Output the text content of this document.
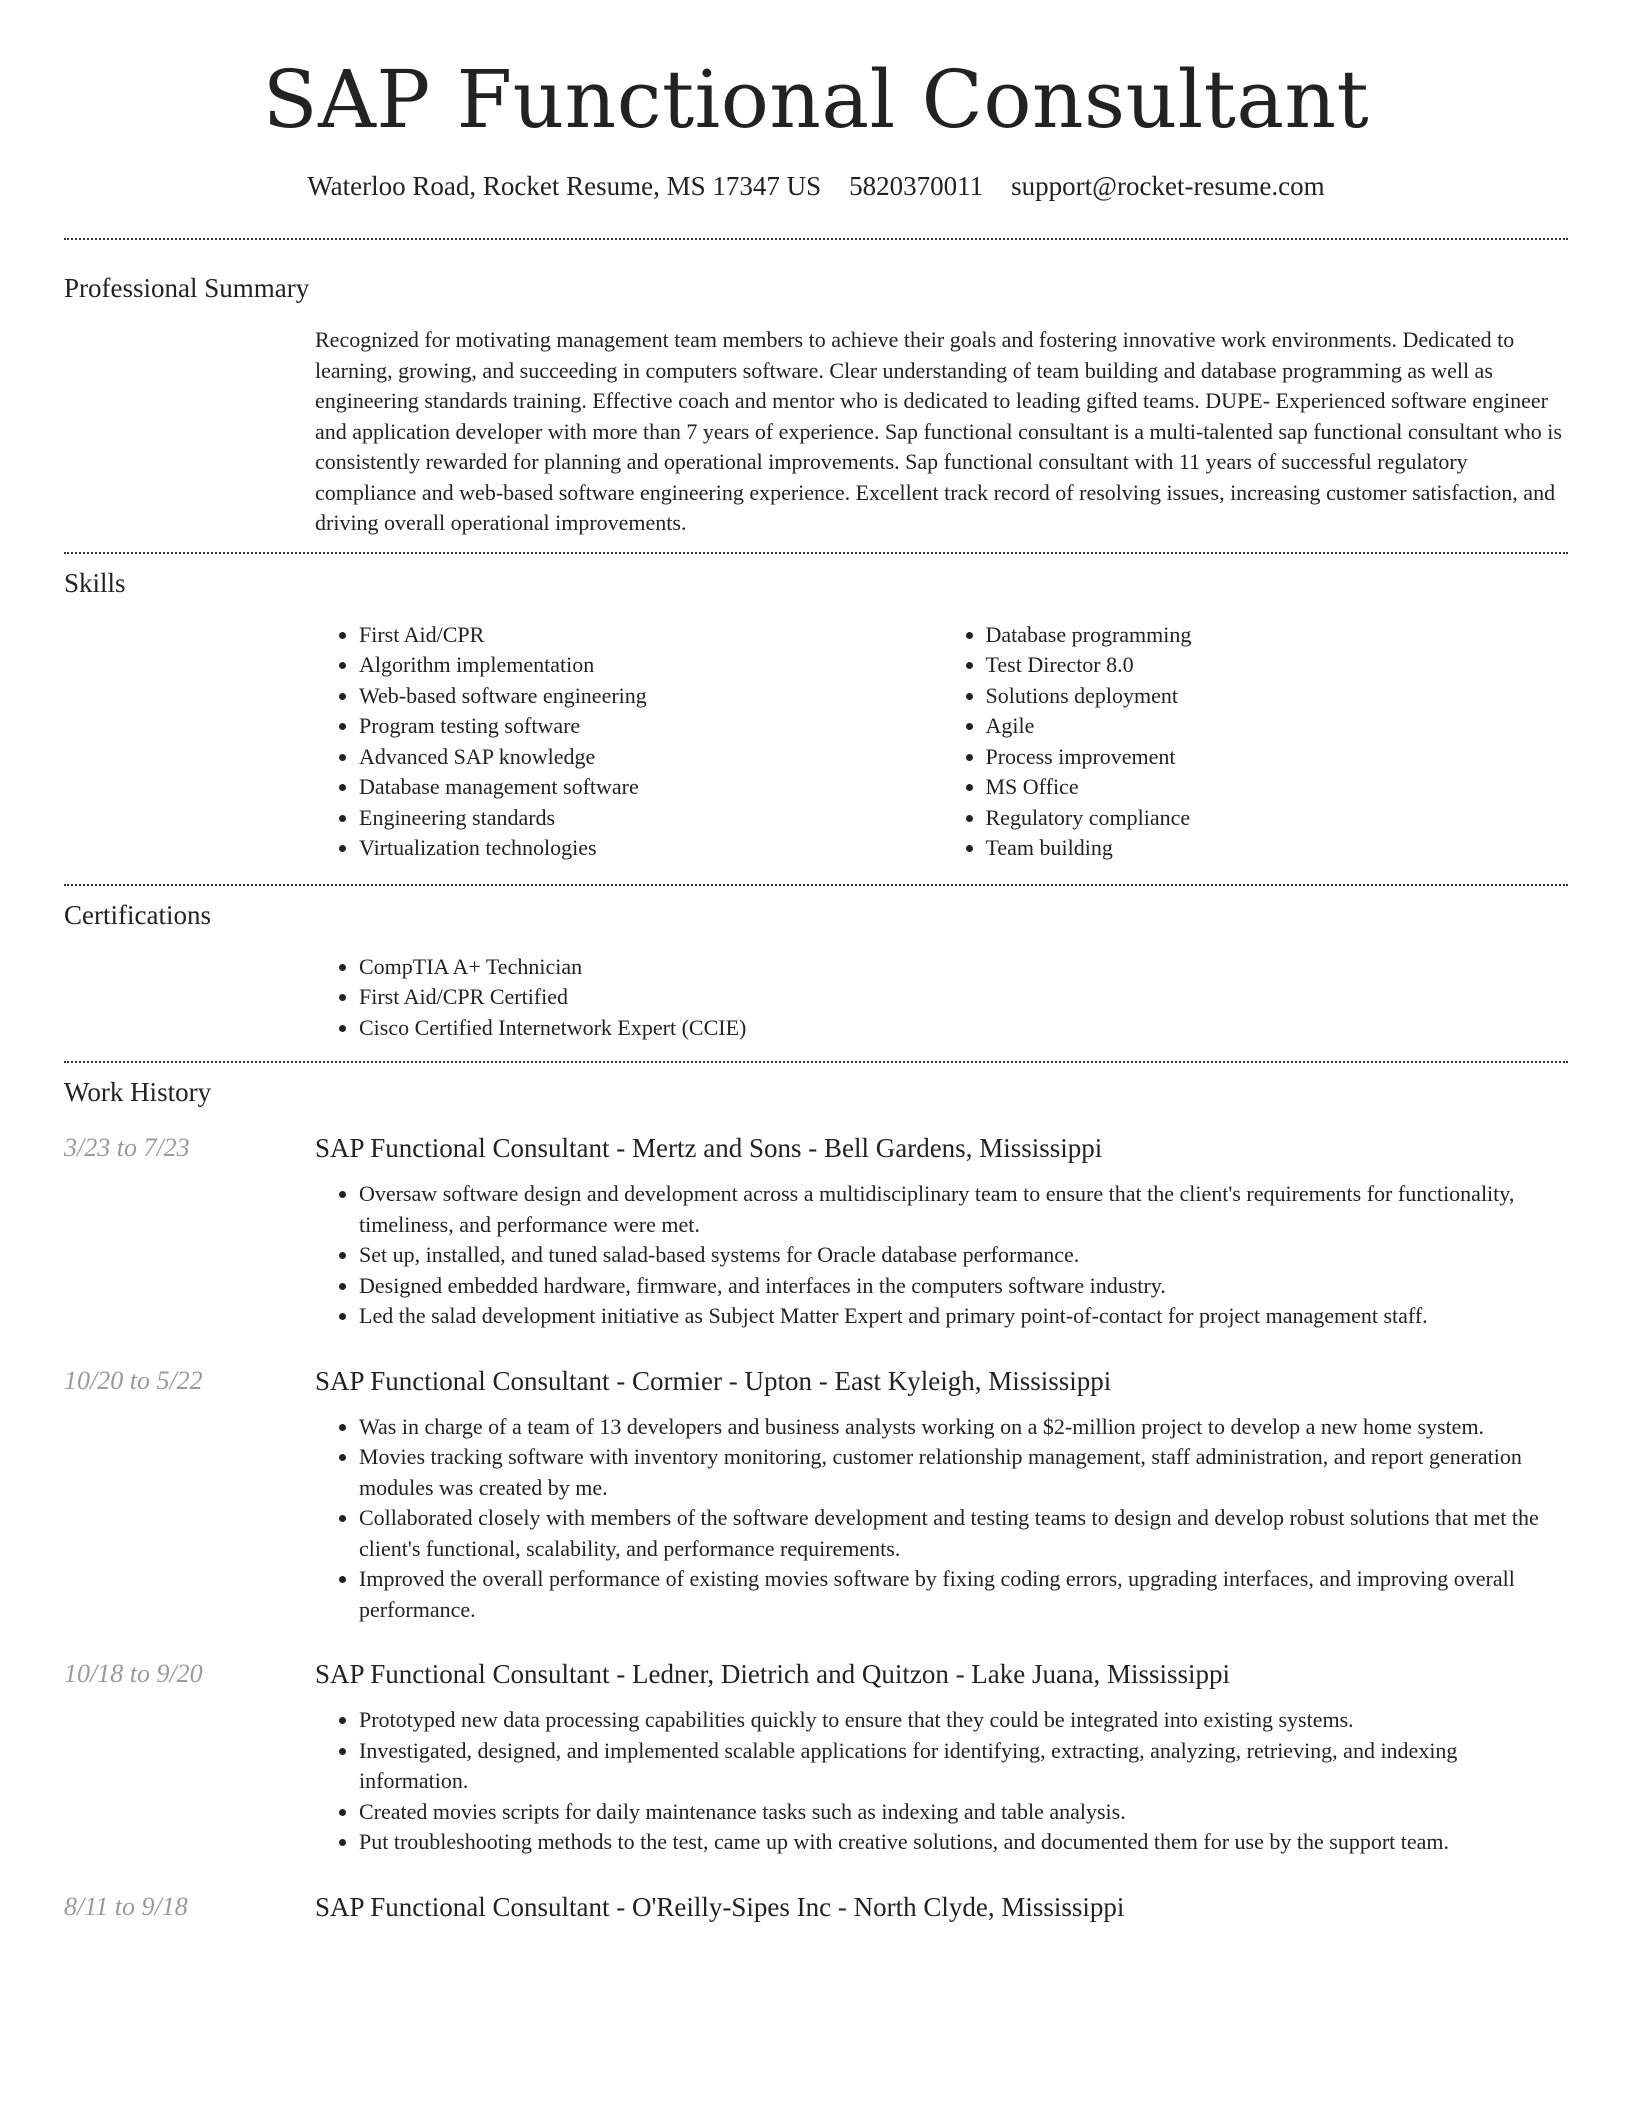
SAP Functional Consultant
Waterloo Road, Rocket Resume, MS 17347 US 5820370011 support@rocket-resume.com
Professional Summary

Recognized for motivating management team members to achieve their goals and fostering innovative work environments. Dedicated to learning, growing, and succeeding in computers software. Clear understanding of team building and database programming as well as engineering standards training. Effective coach and mentor who is dedicated to leading gifted teams. DUPE- Experienced software engineer and application developer with more than 7 years of experience. Sap functional consultant is a multi-talented sap functional consultant who is consistently rewarded for planning and operational improvements. Sap functional consultant with 11 years of successful regulatory compliance and web-based software engineering experience. Excellent track record of resolving issues, increasing customer satisfaction, and driving overall operational improvements.

Skills
• First Aid/CPR
• Algorithm implementation
• Web-based software engineering
• Program testing software
• Advanced SAP knowledge
• Database management software
• Engineering standards
• Virtualization technologies
• Database programming
• Test Director 8.0
• Solutions deployment
• Agile
• Process improvement
• MS Office
• Regulatory compliance
• Team building
Certifications
• CompTIA A+ Technician
• First Aid/CPR Certified
• Cisco Certified Internetwork Expert (CCIE)
Work History
3/23 to 7/23	SAP Functional Consultant - Mertz and Sons - Bell Gardens, Mississippi
• Oversaw software design and development across a multidisciplinary team to ensure that the client's requirements for functionality, timeliness, and performance were met.
• Set up, installed, and tuned salad-based systems for Oracle database performance.
• Designed embedded hardware, firmware, and interfaces in the computers software industry.
• Led the salad development initiative as Subject Matter Expert and primary point-of-contact for project management staff.
10/20 to 5/22	SAP Functional Consultant - Cormier - Upton - East Kyleigh, Mississippi
• Was in charge of a team of 13 developers and business analysts working on a $2-million project to develop a new home system.
• Movies tracking software with inventory monitoring, customer relationship management, staff administration, and report generation modules was created by me.
• Collaborated closely with members of the software development and testing teams to design and develop robust solutions that met the client's functional, scalability, and performance requirements.
• Improved the overall performance of existing movies software by fixing coding errors, upgrading interfaces, and improving overall performance.
10/18 to 9/20	SAP Functional Consultant - Ledner, Dietrich and Quitzon - Lake Juana, Mississippi
• Prototyped new data processing capabilities quickly to ensure that they could be integrated into existing systems.
• Investigated, designed, and implemented scalable applications for identifying, extracting, analyzing, retrieving, and indexing information.
• Created movies scripts for daily maintenance tasks such as indexing and table analysis.
• Put troubleshooting methods to the test, came up with creative solutions, and documented them for use by the support team.
8/11 to 9/18	SAP Functional Consultant - O'Reilly-Sipes Inc - North Clyde, Mississippi
